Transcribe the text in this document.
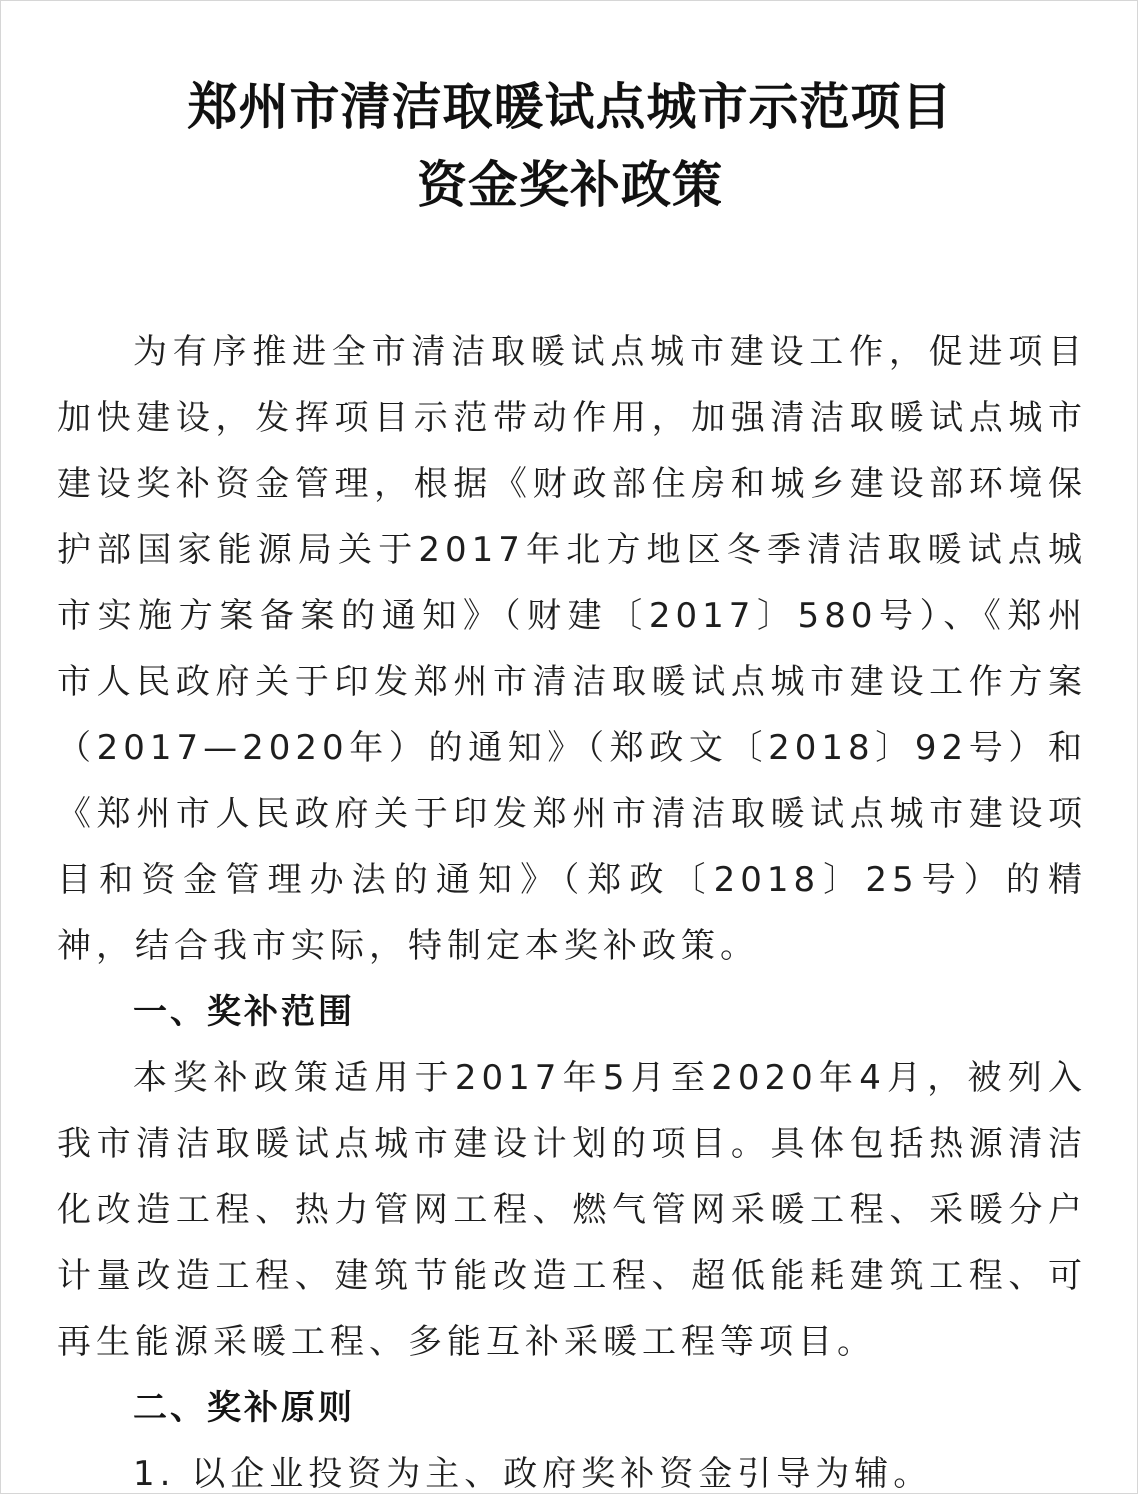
郑州市清洁取暖试点城市示范项目
资金奖补政策

为有序推进全市清洁取暖试点城市建设工作，促进项目加快建设，发挥项目示范带动作用，加强清洁取暖试点城市建设奖补资金管理，根据《财政部住房和城乡建设部环境保护部国家能源局关于2017年北方地区冬季清洁取暖试点城市实施方案备案的通知》（财建〔2017〕580号）、《郑州市人民政府关于印发郑州市清洁取暖试点城市建设工作方案（2017—2020年）的通知》（郑政文〔2018〕92号）和《郑州市人民政府关于印发郑州市清洁取暖试点城市建设项目和资金管理办法的通知》（郑政〔2018〕25号）的精神，结合我市实际，特制定本奖补政策。

一、奖补范围

本奖补政策适用于2017年5月至2020年4月，被列入我市清洁取暖试点城市建设计划的项目。具体包括热源清洁化改造工程、热力管网工程、燃气管网采暖工程、采暖分户计量改造工程、建筑节能改造工程、超低能耗建筑工程、可再生能源采暖工程、多能互补采暖工程等项目。

二、奖补原则

1. 以企业投资为主、政府奖补资金引导为辅。
